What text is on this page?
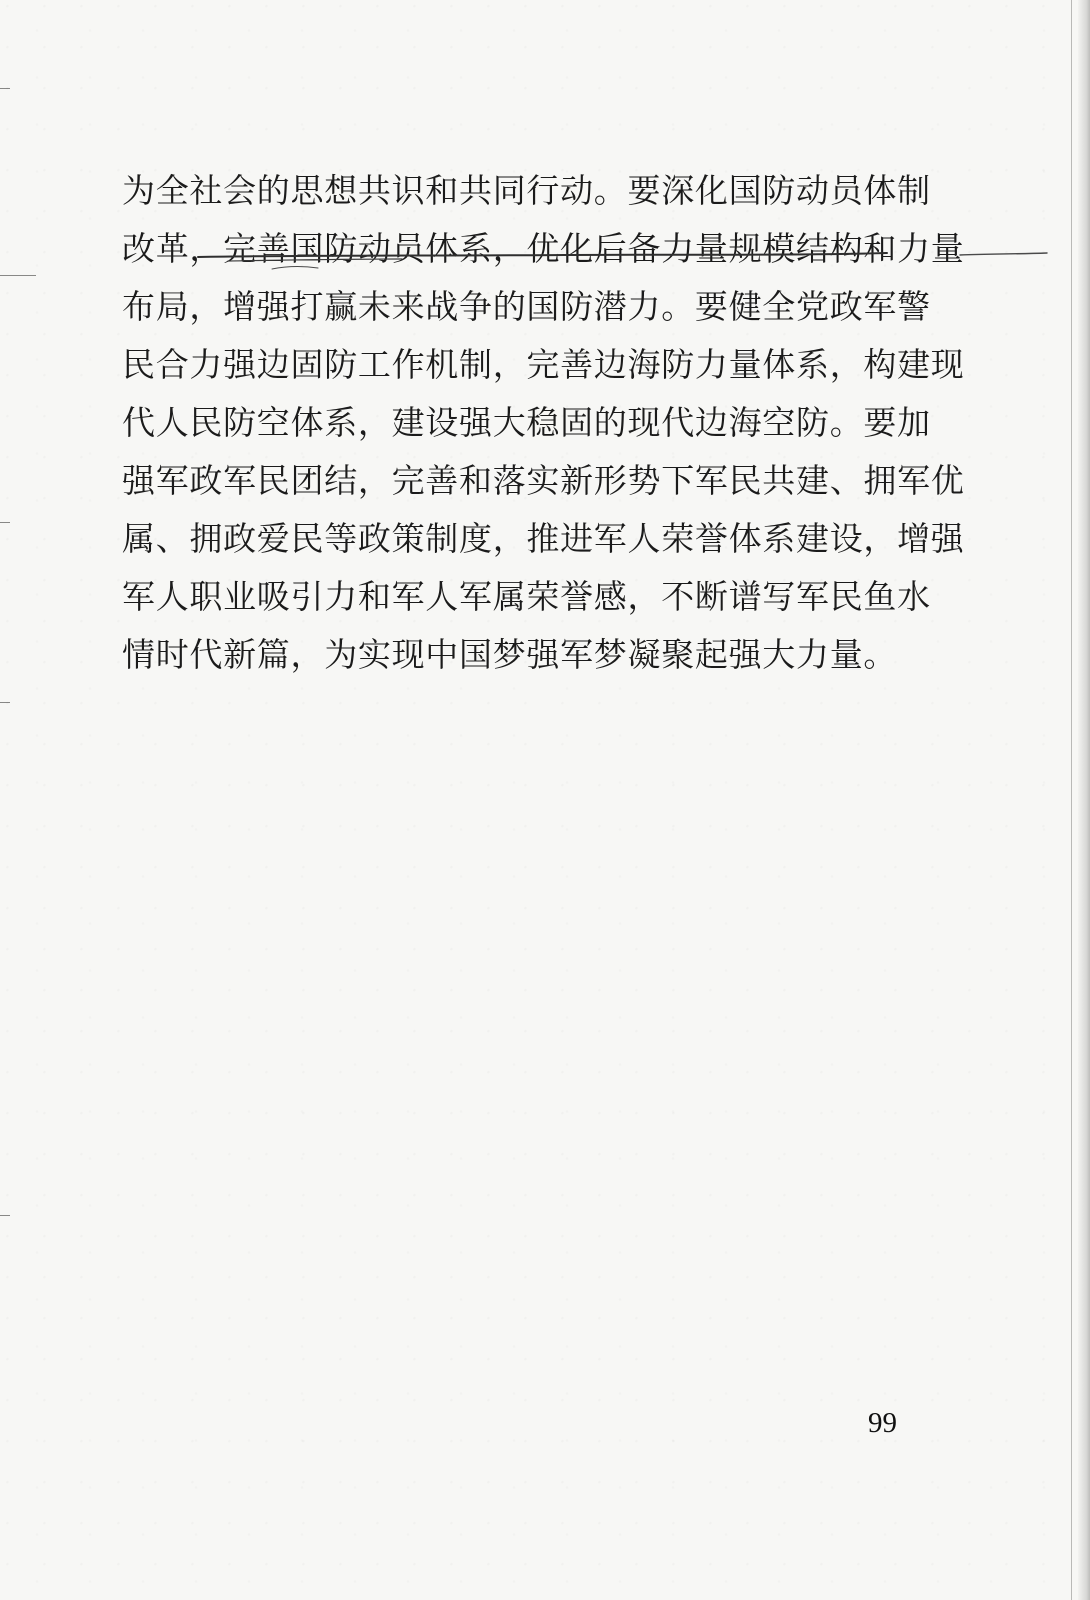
为全社会的思想共识和共同行动。要深化国防动员体制
改革，完善国防动员体系，优化后备力量规模结构和力量
布局，增强打赢未来战争的国防潜力。要健全党政军警
民合力强边固防工作机制，完善边海防力量体系，构建现
代人民防空体系，建设强大稳固的现代边海空防。要加
强军政军民团结，完善和落实新形势下军民共建、拥军优
属、拥政爱民等政策制度，推进军人荣誉体系建设，增强
军人职业吸引力和军人军属荣誉感，不断谱写军民鱼水
情时代新篇，为实现中国梦强军梦凝聚起强大力量。
99
